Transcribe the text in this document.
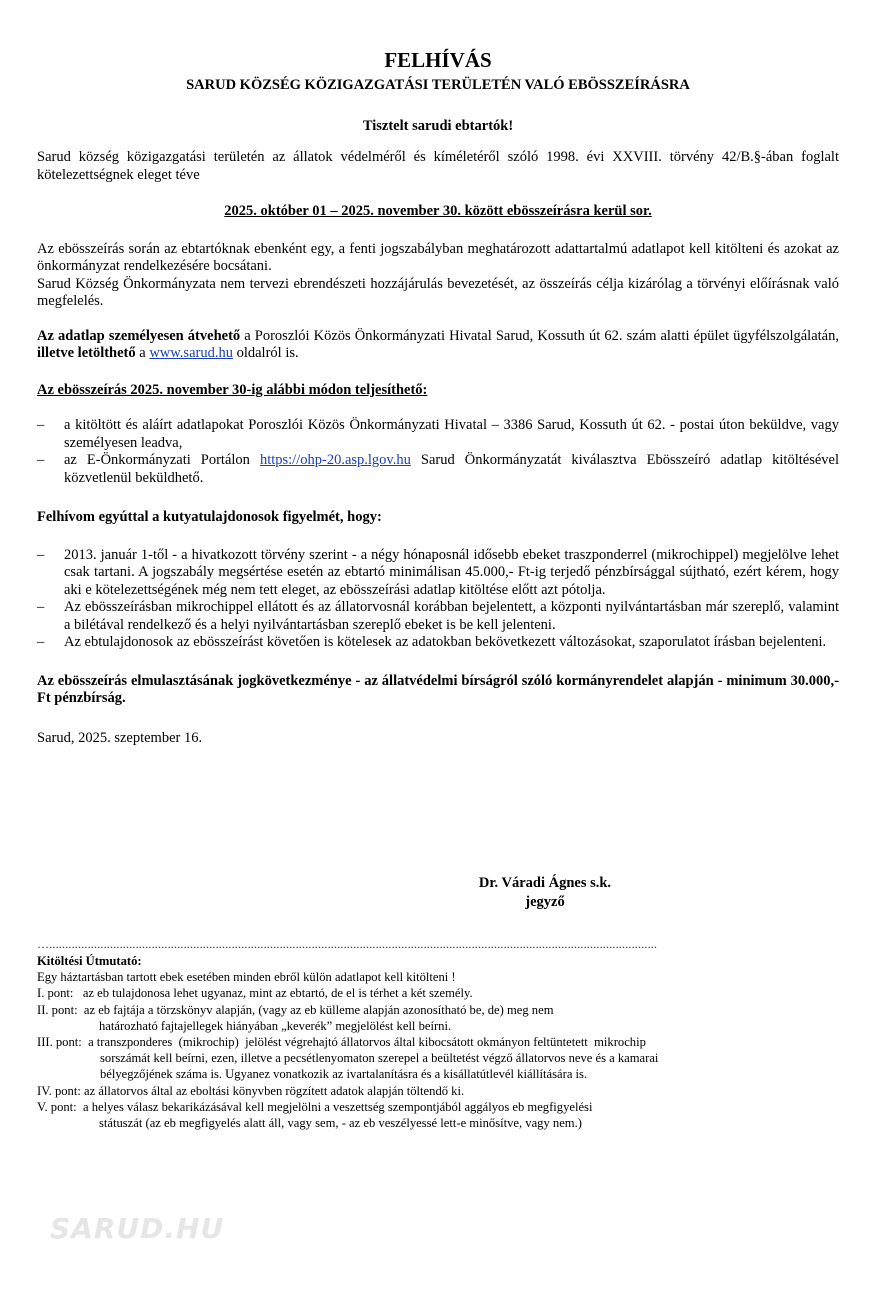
FELHÍVÁS
SARUD KÖZSÉG KÖZIGAZGATÁSI TERÜLETÉN VALÓ EBÖSSZEÍRÁSRA
Tisztelt sarudi ebtartók!

Sarud község közigazgatási területén az állatok védelméről és kíméletéről szóló 1998. évi XXVIII. törvény 42/B.§-ában foglalt kötelezettségnek eleget téve

2025. október 01 – 2025. november 30. között ebösszeírásra kerül sor.

Az ebösszeírás során az ebtartóknak ebenként egy, a fenti jogszabályban meghatározott adattartalmú adatlapot kell kitölteni és azokat az önkormányzat rendelkezésére bocsátani.

Sarud Község Önkormányzata nem tervezi ebrendészeti hozzájárulás bevezetését, az összeírás célja kizárólag a törvényi előírásnak való megfelelés.

Az adatlap személyesen átvehető a Poroszlói Közös Önkormányzati Hivatal Sarud, Kossuth út 62. szám alatti épület ügyfélszolgálatán, illetve letölthető a www.sarud.hu oldalról is.

Az ebösszeírás 2025. november 30-ig alábbi módon teljesíthető:

– a kitöltött és aláírt adatlapokat Poroszlói Közös Önkormányzati Hivatal – 3386 Sarud, Kossuth út 62. - postai úton beküldve, vagy személyesen leadva,
– az E-Önkormányzati Portálon https://ohp-20.asp.lgov.hu Sarud Önkormányzatát kiválasztva Ebösszeíró adatlap kitöltésével közvetlenül beküldhető.

Felhívom egyúttal a kutyatulajdonosok figyelmét, hogy:

– 2013. január 1-től - a hivatkozott törvény szerint - a négy hónaposnál idősebb ebeket traszponderrel (mikrochippel) megjelölve lehet csak tartani. A jogszabály megsértése esetén az ebtartó minimálisan 45.000,- Ft-ig terjedő pénzbírsággal sújtható, ezért kérem, hogy aki e kötelezettségének még nem tett eleget, az ebösszeírási adatlap kitöltése előtt azt pótolja.
– Az ebösszeírásban mikrochippel ellátott és az állatorvosnál korábban bejelentett, a központi nyilvántartásban már szereplő, valamint a bilétával rendelkező és a helyi nyilvántartásban szereplő ebeket is be kell jelenteni.
– Az ebtulajdonosok az ebösszeírást követően is kötelesek az adatokban bekövetkezett változásokat, szaporulatot írásban bejelenteni.

Az ebösszeírás elmulasztásának jogkövetkezménye - az állatvédelmi bírságról szóló kormányrendelet alapján - minimum 30.000,- Ft pénzbírság.

Sarud, 2025. szeptember 16.

Dr. Váradi Ágnes s.k.
jegyző
…..............................................................................................................................................................................................
Kitöltési Útmutató:
Egy háztartásban tartott ebek esetében minden ebről külön adatlapot kell kitölteni !
I. pont:   az eb tulajdonosa lehet ugyanaz, mint az ebtartó, de el is térhet a két személy.
II. pont:  az eb fajtája a törzskönyv alapján, (vagy az eb külleme alapján azonosítható be, de) meg nem
határozható fajtajellegek hiányában „keverék” megjelölést kell beírni.
III. pont:  a transzponderes  (mikrochip)  jelölést végrehajtó állatorvos által kibocsátott okmányon feltüntetett  mikrochip
sorszámát kell beírni, ezen, illetve a pecsétlenyomaton szerepel a beültetést végző állatorvos neve és a kamarai
bélyegzőjének száma is. Ugyanez vonatkozik az ivartalanításra és a kisállatútlevél kiállítására is.
IV. pont: az állatorvos által az eboltási könyvben rögzített adatok alapján töltendő ki.
V. pont:  a helyes válasz bekarikázásával kell megjelölni a veszettség szempontjából aggályos eb megfigyelési
státuszát (az eb megfigyelés alatt áll, vagy sem, - az eb veszélyessé lett-e minősítve, vagy nem.)
SARUD.HU
